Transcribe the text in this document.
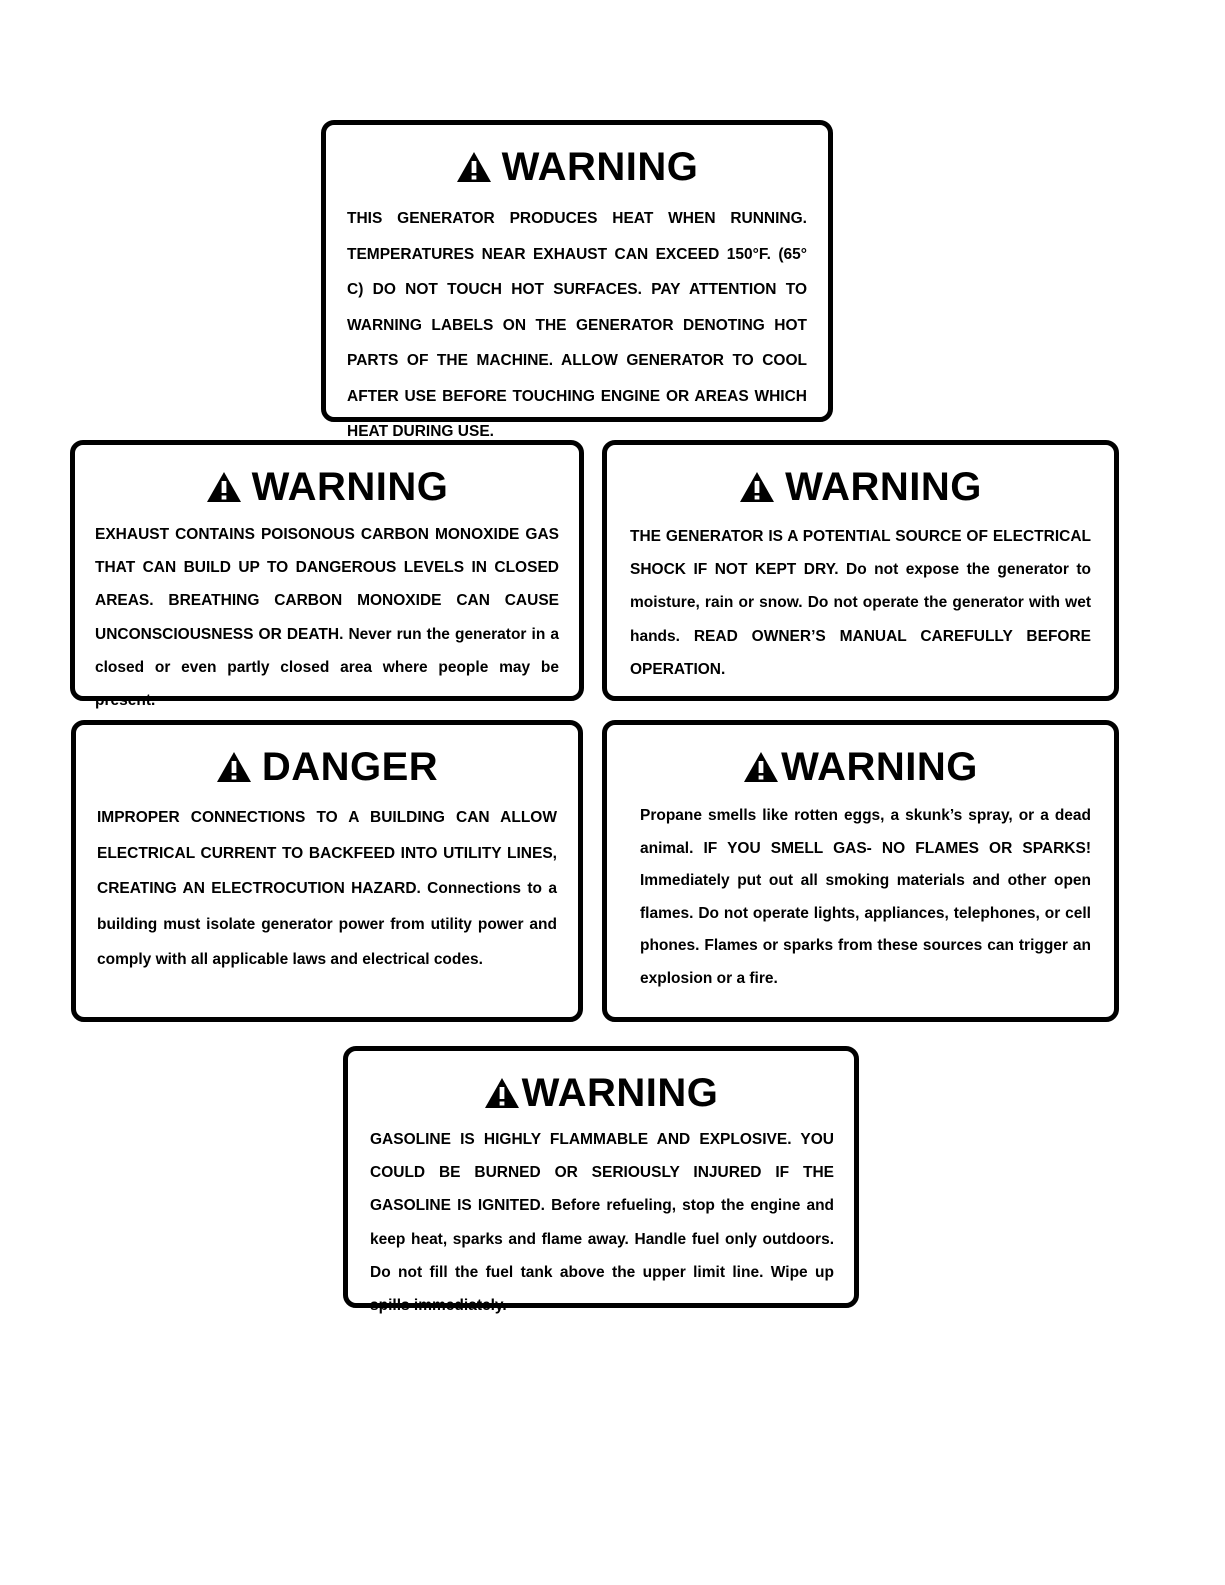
WARNING

THIS GENERATOR PRODUCES HEAT WHEN RUNNING. TEMPERATURES NEAR EXHAUST CAN EXCEED 150°F. (65° C) DO NOT TOUCH HOT SURFACES. PAY ATTENTION TO WARNING LABELS ON THE GENERATOR DENOTING HOT PARTS OF THE MACHINE. ALLOW GENERATOR TO COOL AFTER USE BEFORE TOUCHING ENGINE OR AREAS WHICH HEAT DURING USE.

WARNING

EXHAUST CONTAINS POISONOUS CARBON MONOXIDE GAS THAT CAN BUILD UP TO DANGEROUS LEVELS IN CLOSED AREAS. BREATHING CARBON MONOXIDE CAN CAUSE UNCONSCIOUSNESS OR DEATH. Never run the generator in a closed or even partly closed area where people may be present.

WARNING

THE GENERATOR IS A POTENTIAL SOURCE OF ELECTRICAL SHOCK IF NOT KEPT DRY. Do not expose the generator to moisture, rain or snow. Do not operate the generator with wet hands. READ OWNER’S MANUAL CAREFULLY BEFORE OPERATION.

DANGER

IMPROPER CONNECTIONS TO A BUILDING CAN ALLOW ELECTRICAL CURRENT TO BACKFEED INTO UTILITY LINES, CREATING AN ELECTROCUTION HAZARD. Connections to a building must isolate generator power from utility power and comply with all applicable laws and electrical codes.

WARNING

Propane smells like rotten eggs, a skunk’s spray, or a dead animal. IF YOU SMELL GAS- NO FLAMES OR SPARKS! Immediately put out all smoking materials and other open flames. Do not operate lights, appliances, telephones, or cell phones. Flames or sparks from these sources can trigger an explosion or a fire.

WARNING

GASOLINE IS HIGHLY FLAMMABLE AND EXPLOSIVE. YOU COULD BE BURNED OR SERIOUSLY INJURED IF THE GASOLINE IS IGNITED. Before refueling, stop the engine and keep heat, sparks and flame away. Handle fuel only outdoors. Do not fill the fuel tank above the upper limit line. Wipe up spills immediately.
